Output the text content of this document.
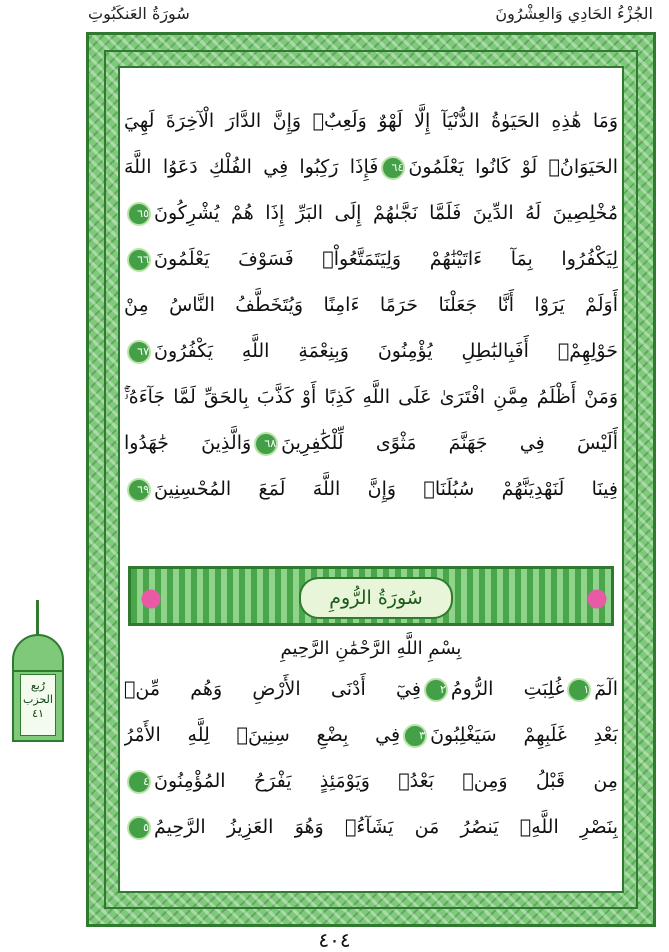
الجُزْءُ الحَادِي وَالعِشْرُونَ
سُورَةُ العَنكَبُوتِ
وَمَا هَٰذِهِ الحَيَوٰةُ الدُّنْيَآ إِلَّا لَهْوٌ وَلَعِبٌۚ وَإِنَّ الدَّارَ الْآخِرَةَ لَهِيَ
الحَيَوَانُۚ لَوْ كَانُوا يَعْلَمُونَ٦٤فَإِذَا رَكِبُوا فِي الفُلْكِ دَعَوُا اللَّهَ
مُخْلِصِينَ لَهُ الدِّينَ فَلَمَّا نَجَّىٰهُمْ إِلَى البَرِّ إِذَا هُمْ يُشْرِكُونَ٦٥
لِيَكْفُرُوا بِمَآ ءَاتَيْنَٰهُمْ وَلِيَتَمَتَّعُواْۚ فَسَوْفَ يَعْلَمُونَ٦٦
أَوَلَمْ يَرَوْا أَنَّا جَعَلْنَا حَرَمًا ءَامِنًا وَيُتَخَطَّفُ النَّاسُ مِنْ
حَوْلِهِمْۚ أَفَبِالبَٰطِلِ يُؤْمِنُونَ وَبِنِعْمَةِ اللَّهِ يَكْفُرُونَ٦٧
وَمَنْ أَظْلَمُ مِمَّنِ افْتَرَىٰ عَلَى اللَّهِ كَذِبًا أَوْ كَذَّبَ بِالحَقِّ لَمَّا جَآءَهُۥٓۚ
أَلَيْسَ فِي جَهَنَّمَ مَثْوًى لِّلْكَٰفِرِينَ٦٨وَالَّذِينَ جَٰهَدُوا
فِينَا لَنَهْدِيَنَّهُمْ سُبُلَنَاۚ وَإِنَّ اللَّهَ لَمَعَ المُحْسِنِينَ٦٩
سُورَةُ الرُّومِ
بِسْمِ اللَّهِ الرَّحْمَٰنِ الرَّحِيمِ
الٓمٓ١غُلِبَتِ الرُّومُ٢فِيٓ أَدْنَى الأَرْضِ وَهُم مِّنۢ
بَعْدِ غَلَبِهِمْ سَيَغْلِبُونَ٣فِي بِضْعِ سِنِينَۗ لِلَّهِ الأَمْرُ
مِن قَبْلُ وَمِنۢ بَعْدُۚ وَيَوْمَئِذٍ يَفْرَحُ المُؤْمِنُونَ٤
بِنَصْرِ اللَّهِۚ يَنصُرُ مَن يَشَآءُۖ وَهُوَ العَزِيزُ الرَّحِيمُ٥
رُبع
الحزب
٤١
٤٠٤
